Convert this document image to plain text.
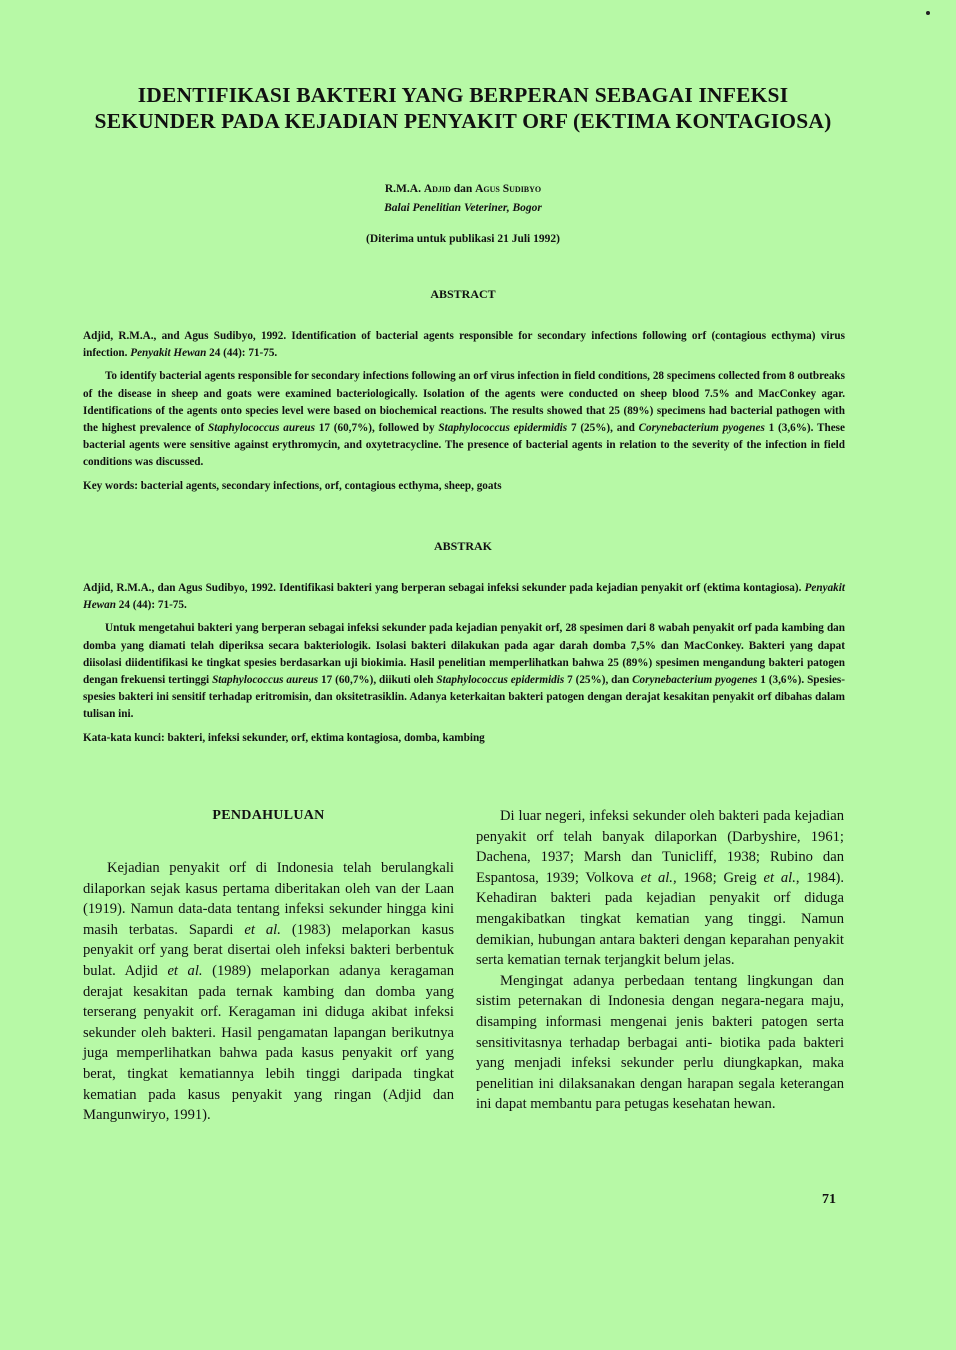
IDENTIFIKASI BAKTERI YANG BERPERAN SEBAGAI INFEKSI SEKUNDER PADA KEJADIAN PENYAKIT ORF (EKTIMA KONTAGIOSA)
R.M.A. Adjid dan Agus Sudibyo
Balai Penelitian Veteriner, Bogor
(Diterima untuk publikasi 21 Juli 1992)
ABSTRACT

Adjid, R.M.A., and Agus Sudibyo, 1992. Identification of bacterial agents responsible for secondary infections following orf (contagious ecthyma) virus infection. Penyakit Hewan 24 (44): 71-75.

To identify bacterial agents responsible for secondary infections following an orf virus infection in field conditions, 28 specimens collected from 8 outbreaks of the disease in sheep and goats were examined bacteriologically. Isolation of the agents were conducted on sheep blood 7.5% and MacConkey agar. Identifications of the agents onto species level were based on biochemical reactions. The results showed that 25 (89%) specimens had bacterial pathogen with the highest prevalence of Staphylococcus aureus 17 (60,7%), followed by Staphylococcus epidermidis 7 (25%), and Corynebacterium pyogenes 1 (3,6%). These bacterial agents were sensitive against erythromycin, and oxytetracycline. The presence of bacterial agents in relation to the severity of the infection in field conditions was discussed.

Key words: bacterial agents, secondary infections, orf, contagious ecthyma, sheep, goats

ABSTRAK

Adjid, R.M.A., dan Agus Sudibyo, 1992. Identifikasi bakteri yang berperan sebagai infeksi sekunder pada kejadian penyakit orf (ektima kontagiosa). Penyakit Hewan 24 (44): 71-75.

Untuk mengetahui bakteri yang berperan sebagai infeksi sekunder pada kejadian penyakit orf, 28 spesimen dari 8 wabah penyakit orf pada kambing dan domba yang diamati telah diperiksa secara bakteriologik. Isolasi bakteri dilakukan pada agar darah domba 7,5% dan MacConkey. Bakteri yang dapat diisolasi diidentifikasi ke tingkat spesies berdasarkan uji biokimia. Hasil penelitian memperlihatkan bahwa 25 (89%) spesimen mengandung bakteri patogen dengan frekuensi tertinggi Staphylococcus aureus 17 (60,7%), diikuti oleh Staphylococcus epidermidis 7 (25%), dan Corynebacterium pyogenes 1 (3,6%). Spesies-spesies bakteri ini sensitif terhadap eritromisin, dan oksitetrasiklin. Adanya keterkaitan bakteri patogen dengan derajat kesakitan penyakit orf dibahas dalam tulisan ini.

Kata-kata kunci: bakteri, infeksi sekunder, orf, ektima kontagiosa, domba, kambing

PENDAHULUAN

Kejadian penyakit orf di Indonesia telah berulangkali dilaporkan sejak kasus pertama diberitakan oleh van der Laan (1919). Namun data-data tentang infeksi sekunder hingga kini masih terbatas. Sapardi et al. (1983) melaporkan kasus penyakit orf yang berat disertai oleh infeksi bakteri berbentuk bulat. Adjid et al. (1989) melaporkan adanya keragaman derajat kesakitan pada ternak kambing dan domba yang terserang penyakit orf. Keragaman ini diduga akibat infeksi sekunder oleh bakteri. Hasil pengamatan lapangan berikutnya juga memperlihatkan bahwa pada kasus penyakit orf yang berat, tingkat kematiannya lebih tinggi daripada tingkat kematian pada kasus penyakit yang ringan (Adjid dan Mangunwiryo, 1991).

Di luar negeri, infeksi sekunder oleh bakteri pada kejadian penyakit orf telah banyak dilaporkan (Darbyshire, 1961; Dachena, 1937; Marsh dan Tunicliff, 1938; Rubino dan Espantosa, 1939; Volkova et al., 1968; Greig et al., 1984). Kehadiran bakteri pada kejadian penyakit orf diduga mengakibatkan tingkat kematian yang tinggi. Namun demikian, hubungan antara bakteri dengan keparahan penyakit serta kematian ternak terjangkit belum jelas.

Mengingat adanya perbedaan tentang lingkungan dan sistim peternakan di Indonesia dengan negara-negara maju, disamping informasi mengenai jenis bakteri patogen serta sensitivitasnya terhadap berbagai anti- biotika pada bakteri yang menjadi infeksi sekunder perlu diungkapkan, maka penelitian ini dilaksanakan dengan harapan segala keterangan ini dapat membantu para petugas kesehatan hewan.

71
